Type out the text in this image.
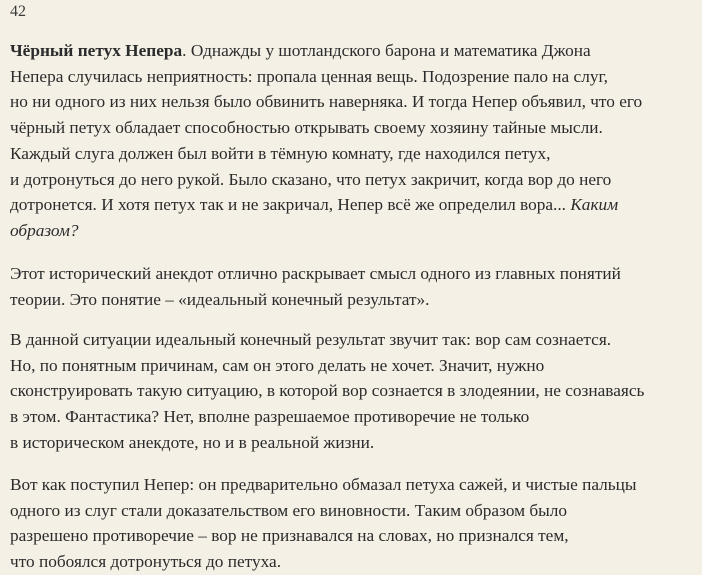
42

Чёрный петух Непера. Однажды у шотландского барона и математика Джона
Непера случилась неприятность: пропала ценная вещь. Подозрение пало на слуг,
но ни одного из них нельзя было обвинить наверняка. И тогда Непер объявил, что его
чёрный петух обладает способностью открывать своему хозяину тайные мысли.
Каждый слуга должен был войти в тёмную комнату, где находился петух,
и дотронуться до него рукой. Было сказано, что петух закричит, когда вор до него
дотронется. И хотя петух так и не закричал, Непер всё же определил вора... Каким
образом?

Этот исторический анекдот отлично раскрывает смысл одного из главных понятий
теории. Это понятие – «идеальный конечный результат».

В данной ситуации идеальный конечный результат звучит так: вор сам сознается.
Но, по понятным причинам, сам он этого делать не хочет. Значит, нужно
сконструировать такую ситуацию, в которой вор сознается в злодеянии, не сознаваясь
в этом. Фантастика? Нет, вполне разрешаемое противоречие не только
в историческом анекдоте, но и в реальной жизни.

Вот как поступил Непер: он предварительно обмазал петуха сажей, и чистые пальцы
одного из слуг стали доказательством его виновности. Таким образом было
разрешено противоречие – вор не признавался на словах, но признался тем,
что побоялся дотронуться до петуха.
